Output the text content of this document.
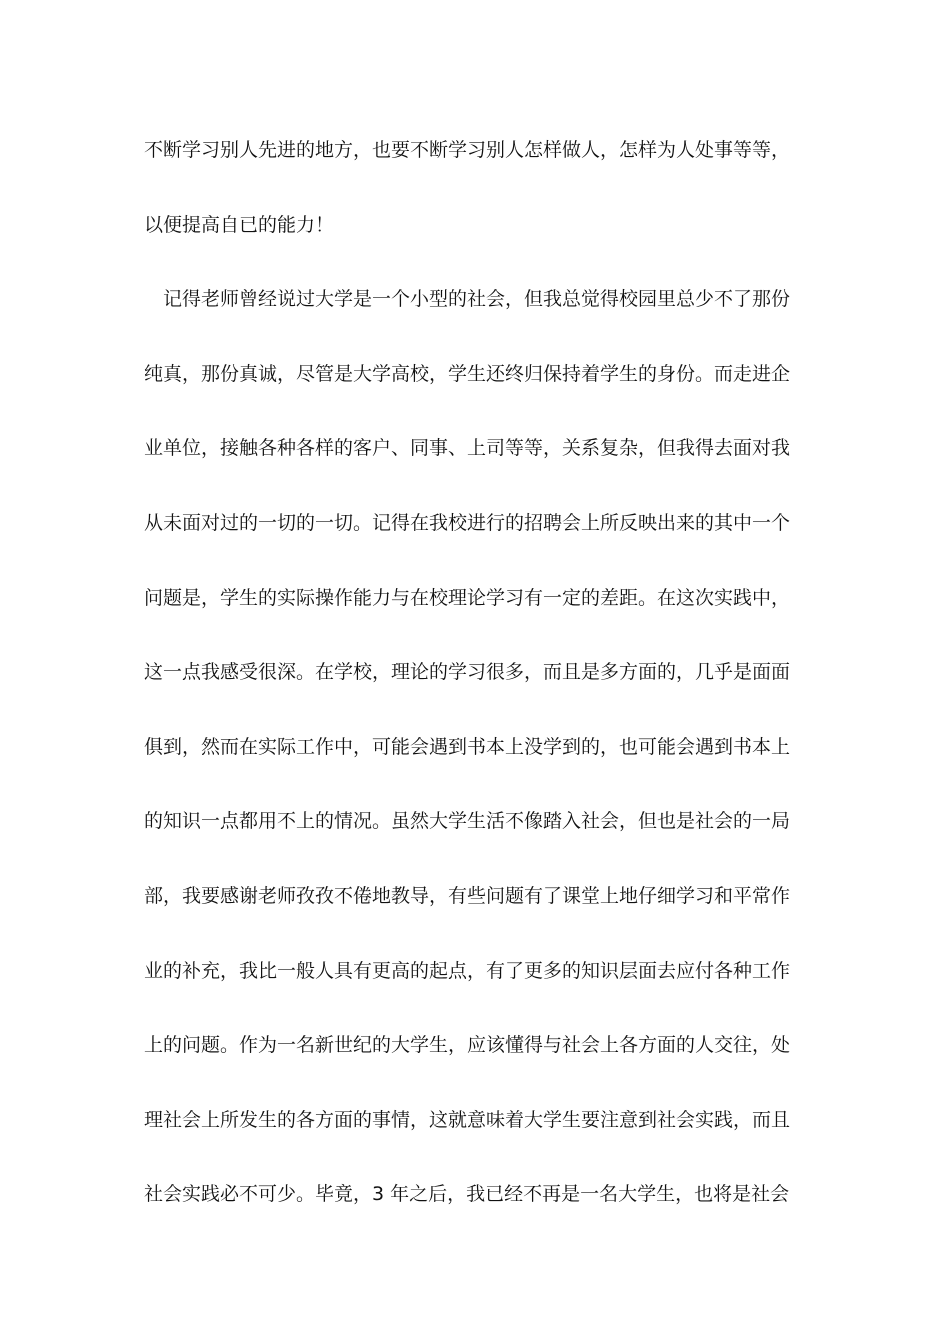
不断学习别人先进的地方，也要不断学习别人怎样做人，怎样为人处事等等，
以便提高自已的能力！
记得老师曾经说过大学是一个小型的社会，但我总觉得校园里总少不了那份
纯真，那份真诚，尽管是大学高校，学生还终归保持着学生的身份。而走进企
业单位，接触各种各样的客户、同事、上司等等，关系复杂，但我得去面对我
从未面对过的一切的一切。记得在我校进行的招聘会上所反映出来的其中一个
问题是，学生的实际操作能力与在校理论学习有一定的差距。在这次实践中，
这一点我感受很深。在学校，理论的学习很多，而且是多方面的，几乎是面面
俱到，然而在实际工作中，可能会遇到书本上没学到的，也可能会遇到书本上
的知识一点都用不上的情况。虽然大学生活不像踏入社会，但也是社会的一局
部，我要感谢老师孜孜不倦地教导，有些问题有了课堂上地仔细学习和平常作
业的补充，我比一般人具有更高的起点，有了更多的知识层面去应付各种工作
上的问题。作为一名新世纪的大学生，应该懂得与社会上各方面的人交往，处
理社会上所发生的各方面的事情，这就意味着大学生要注意到社会实践，而且
社会实践必不可少。毕竟，3 年之后，我已经不再是一名大学生，也将是社会
